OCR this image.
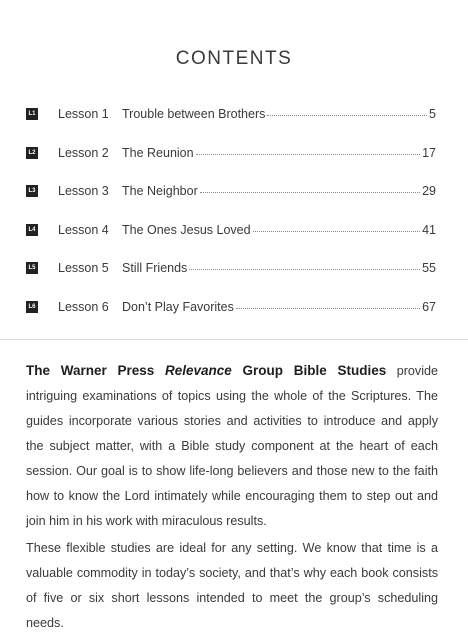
CONTENTS
L1 Lesson 1 Trouble between Brothers	5
L2 Lesson 2 The Reunion	17
L3 Lesson 3 The Neighbor	29
L4 Lesson 4 The Ones Jesus Loved	41
L5 Lesson 5 Still Friends	55
L6 Lesson 6 Don’t Play Favorites	67
The Warner Press Relevance Group Bible Studies provide intriguing examinations of topics using the whole of the Scriptures. The guides incorporate various stories and activities to introduce and apply the subject matter, with a Bible study component at the heart of each session. Our goal is to show life-long believers and those new to the faith how to know the Lord intimately while encouraging them to step out and join him in his work with miraculous results.
These flexible studies are ideal for any setting. We know that time is a valuable commodity in today’s society, and that’s why each book consists of five or six short lessons intended to meet the group’s scheduling needs.
